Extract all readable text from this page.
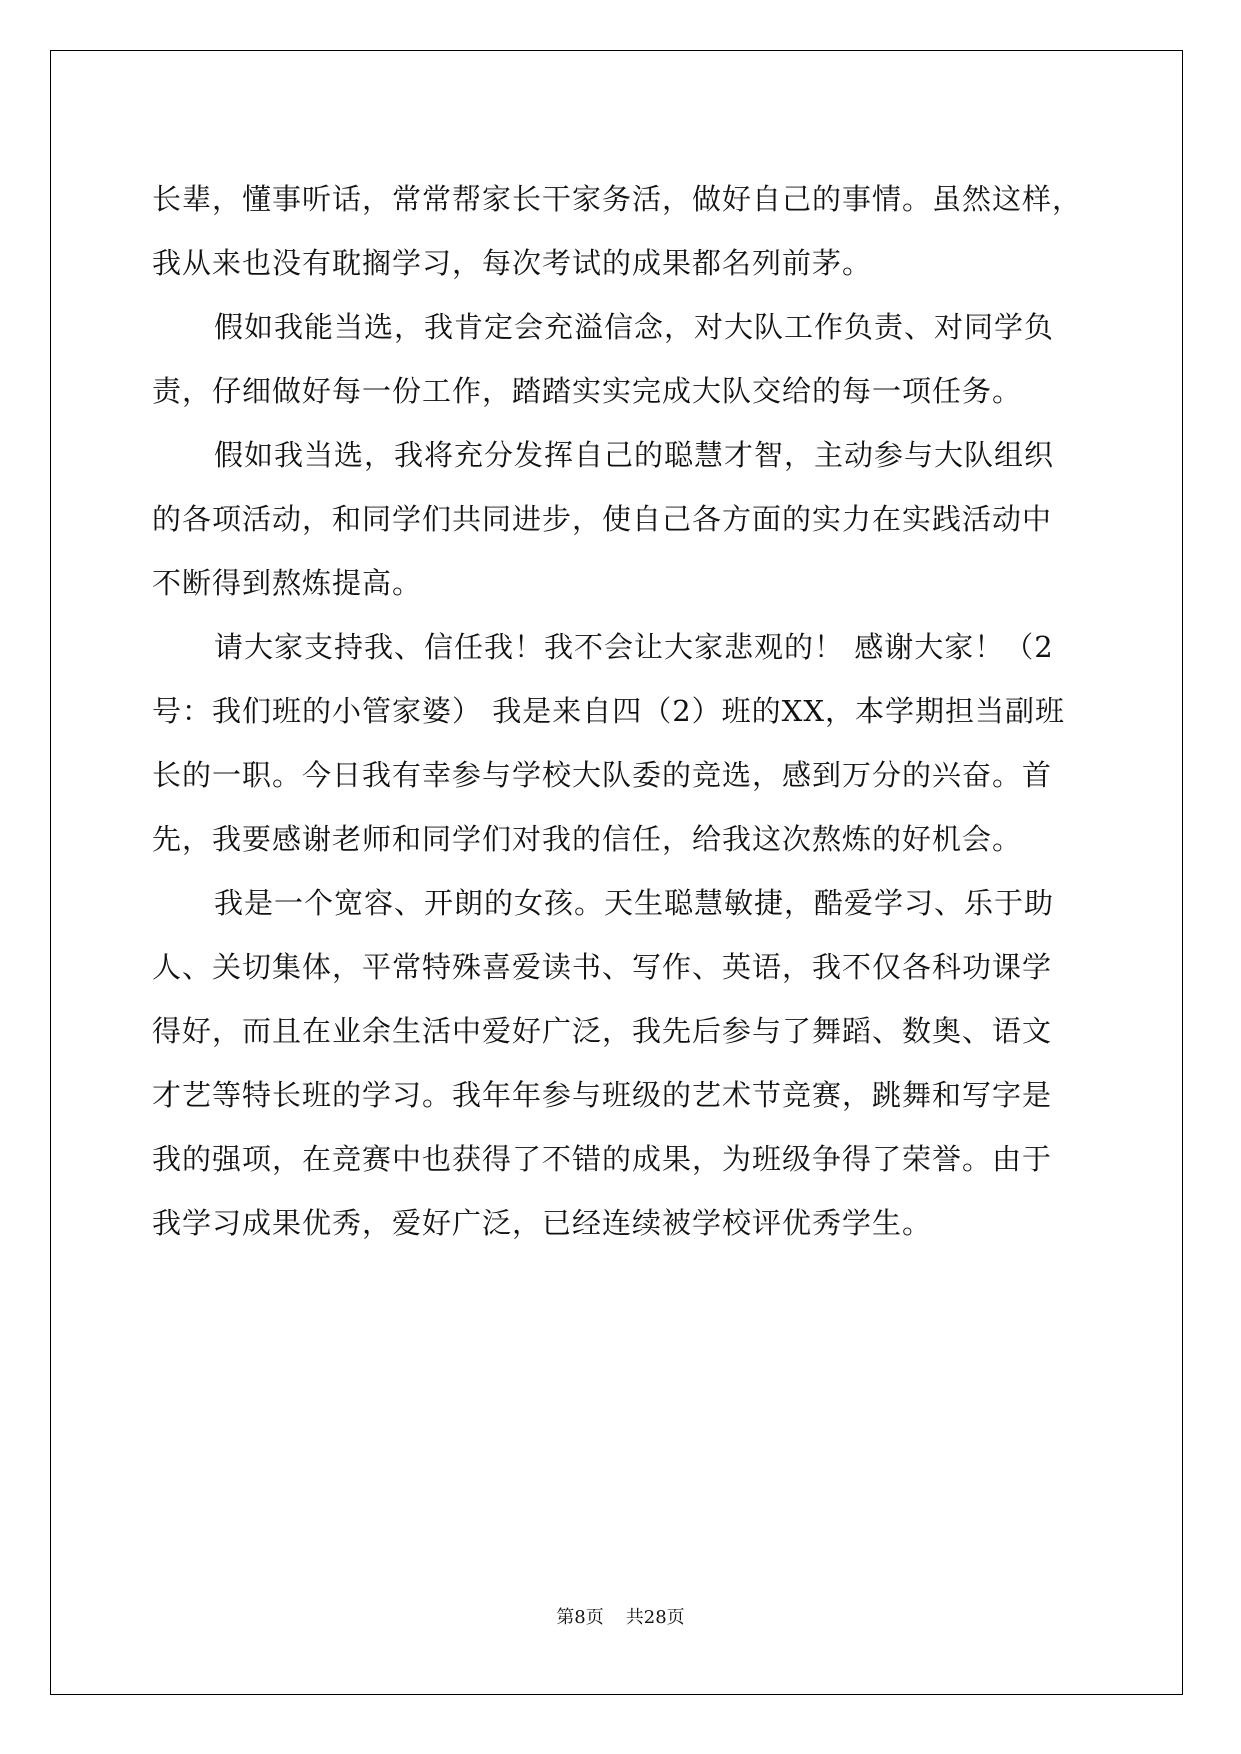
长辈，懂事听话，常常帮家长干家务活，做好自己的事情。虽然这样，
我从来也没有耽搁学习，每次考试的成果都名列前茅。
假如我能当选，我肯定会充溢信念，对大队工作负责、对同学负
责，仔细做好每一份工作，踏踏实实完成大队交给的每一项任务。
假如我当选，我将充分发挥自己的聪慧才智，主动参与大队组织
的各项活动，和同学们共同进步，使自己各方面的实力在实践活动中
不断得到熬炼提高。
请大家支持我、信任我！我不会让大家悲观的！ 感谢大家！（2
号：我们班的小管家婆） 我是来自四（2）班的XX，本学期担当副班
长的一职。今日我有幸参与学校大队委的竞选，感到万分的兴奋。首
先，我要感谢老师和同学们对我的信任，给我这次熬炼的好机会。
我是一个宽容、开朗的女孩。天生聪慧敏捷，酷爱学习、乐于助
人、关切集体，平常特殊喜爱读书、写作、英语，我不仅各科功课学
得好，而且在业余生活中爱好广泛，我先后参与了舞蹈、数奥、语文
才艺等特长班的学习。我年年参与班级的艺术节竞赛，跳舞和写字是
我的强项，在竞赛中也获得了不错的成果，为班级争得了荣誉。由于
我学习成果优秀，爱好广泛，已经连续被学校评优秀学生。
第8页 共28页
